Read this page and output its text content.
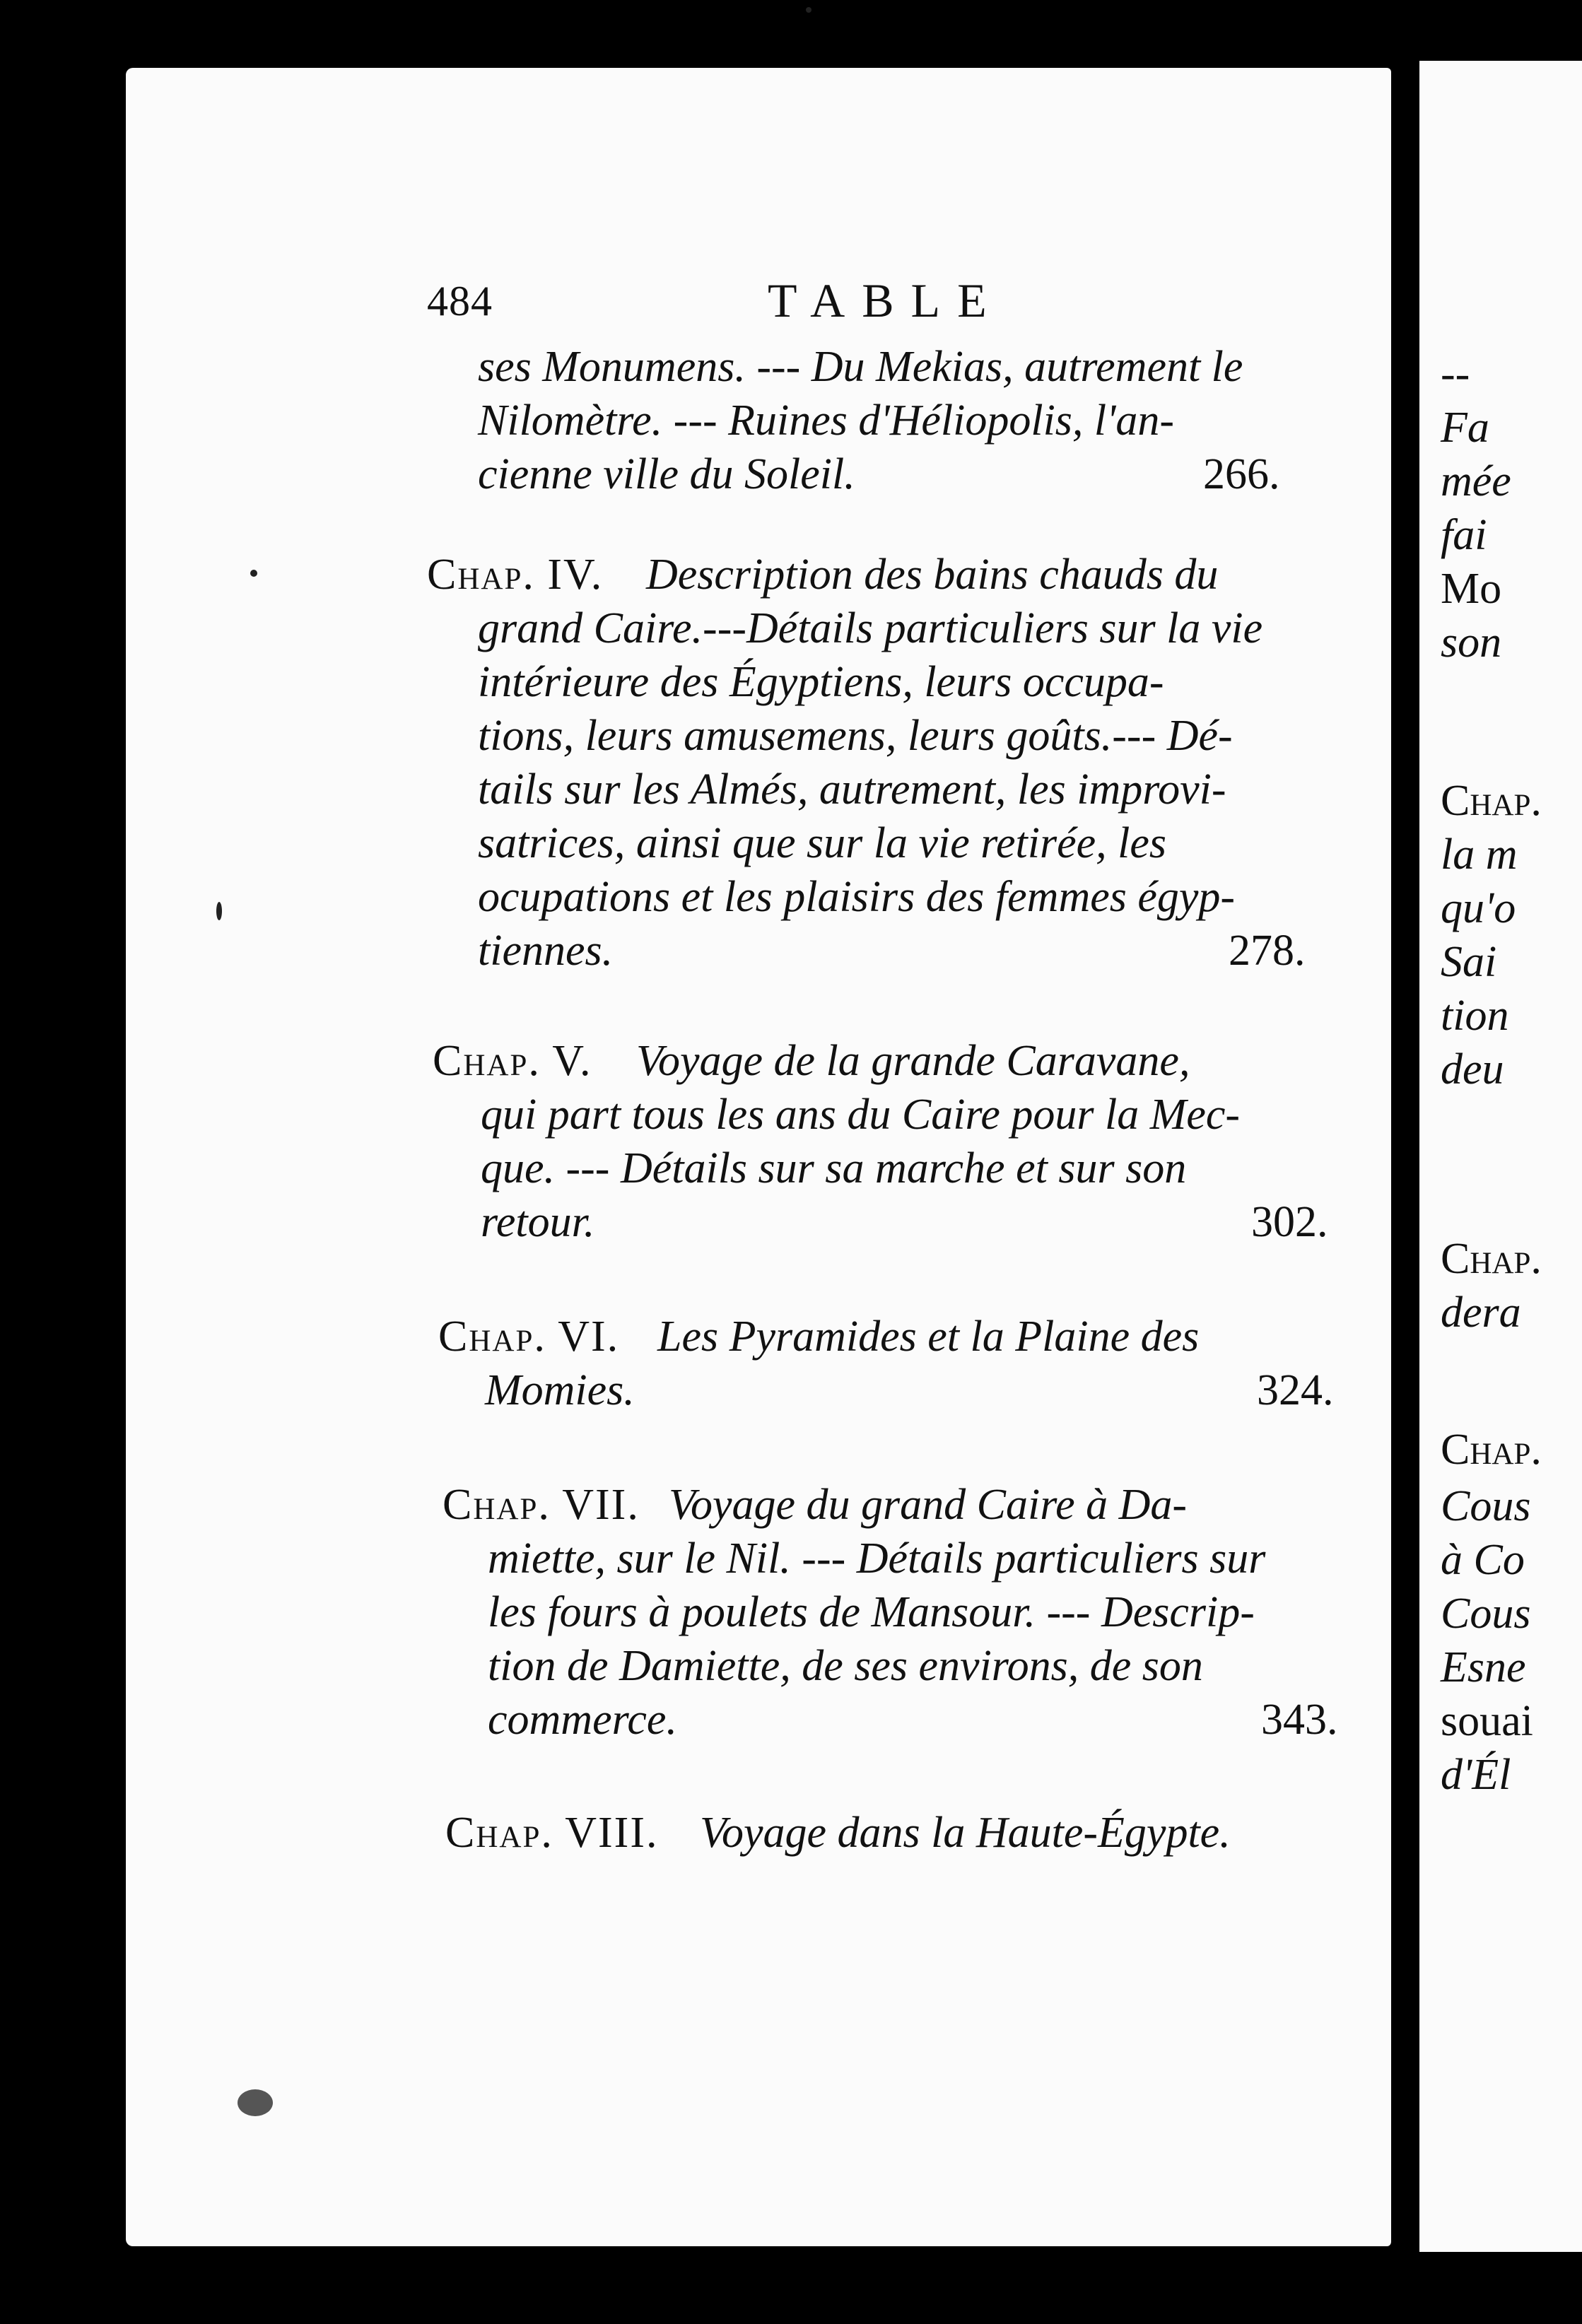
484	TABLE
ses Monumens. --- Du Mekias, autrement le
Nilomètre. --- Ruines d'Héliopolis, l'an-
cienne ville du Soleil.	266.
Chap. IV. Description des bains chauds du
grand Caire.---Détails particuliers sur la vie
intérieure des Égyptiens, leurs occupa-
tions, leurs amusemens, leurs goûts.--- Dé-
tails sur les Almés, autrement, les improvi-
satrices, ainsi que sur la vie retirée, les
ocupations et les plaisirs des femmes égyp-
tiennes.	278.
Chap. V. Voyage de la grande Caravane,
qui part tous les ans du Caire pour la Mec-
que. --- Détails sur sa marche et sur son
retour.	302.
Chap. VI. Les Pyramides et la Plaine des
Momies.	324.
Chap. VII. Voyage du grand Caire à Da-
miette, sur le Nil. --- Détails particuliers sur
les fours à poulets de Mansour. --- Descrip-
tion de Damiette, de ses environs, de son
commerce.	343.
Chap. VIII. Voyage dans la Haute-Égypte.
--
Fa
mée
fai
Mo
son
Chap.
la m
qu'o
Sai
tion
deu
Chap.
dera
Chap.
Cous
à Co
Cous
Esne
souai
d'Él
